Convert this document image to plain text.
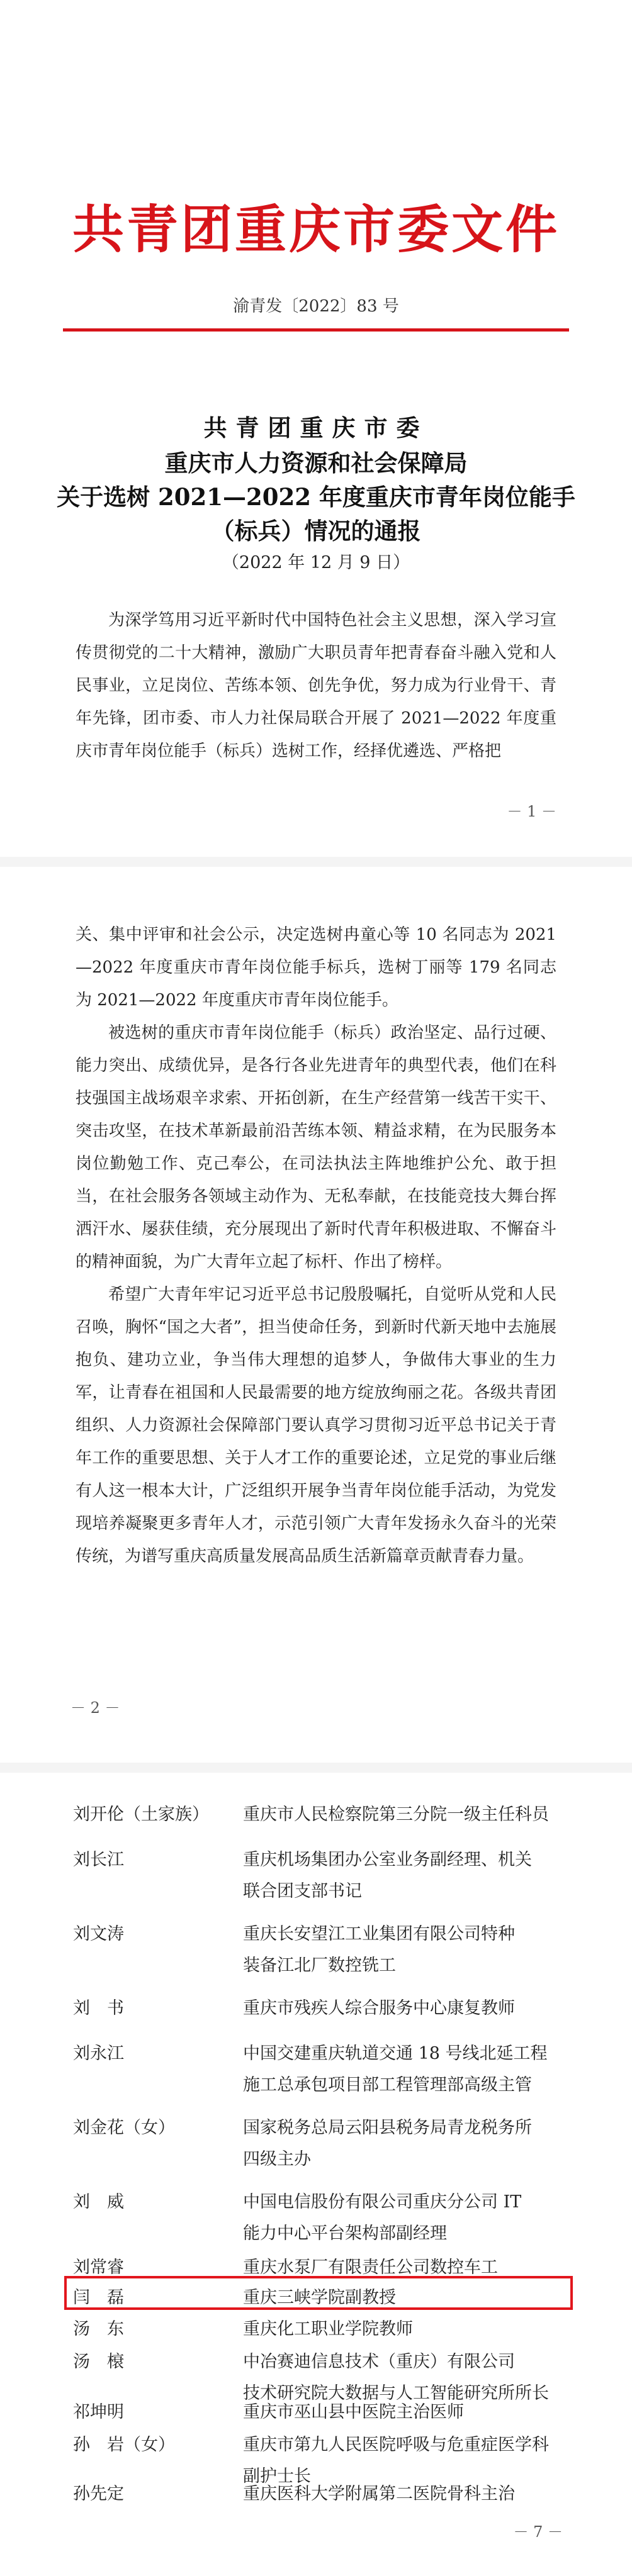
共青团重庆市委文件
渝青发〔2022〕83 号
共青团重庆市委
重庆市人力资源和社会保障局
关于选树 2021—2022 年度重庆市青年岗位能手
（标兵）情况的通报
（2022 年 12 月 9 日）

为深学笃用习近平新时代中国特色社会主义思想，深入学习宣传贯彻党的二十大精神，激励广大职员青年把青春奋斗融入党和人民事业，立足岗位、苦练本领、创先争优，努力成为行业骨干、青年先锋，团市委、市人力社保局联合开展了 2021—2022 年度重庆市青年岗位能手（标兵）选树工作，经择优遴选、严格把

－ 1 －

关、集中评审和社会公示，决定选树冉童心等 10 名同志为 2021—2022 年度重庆市青年岗位能手标兵，选树丁丽等 179 名同志为 2021—2022 年度重庆市青年岗位能手。

被选树的重庆市青年岗位能手（标兵）政治坚定、品行过硬、能力突出、成绩优异，是各行各业先进青年的典型代表，他们在科技强国主战场艰辛求索、开拓创新，在生产经营第一线苦干实干、突击攻坚，在技术革新最前沿苦练本领、精益求精，在为民服务本岗位勤勉工作、克己奉公，在司法执法主阵地维护公允、敢于担当，在社会服务各领域主动作为、无私奉献，在技能竞技大舞台挥洒汗水、屡获佳绩，充分展现出了新时代青年积极进取、不懈奋斗的精神面貌，为广大青年立起了标杆、作出了榜样。

希望广大青年牢记习近平总书记殷殷嘱托，自觉听从党和人民召唤，胸怀“国之大者”，担当使命任务，到新时代新天地中去施展抱负、建功立业，争当伟大理想的追梦人，争做伟大事业的生力军，让青春在祖国和人民最需要的地方绽放绚丽之花。各级共青团组织、人力资源社会保障部门要认真学习贯彻习近平总书记关于青年工作的重要思想、关于人才工作的重要论述，立足党的事业后继有人这一根本大计，广泛组织开展争当青年岗位能手活动，为党发现培养凝聚更多青年人才，示范引领广大青年发扬永久奋斗的光荣传统，为谱写重庆高质量发展高品质生活新篇章贡献青春力量。

－ 2 －
刘开伦（土家族）	重庆市人民检察院第三分院一级主任科员
刘长江	重庆机场集团办公室业务副经理、机关
联合团支部书记
刘文涛	重庆长安望江工业集团有限公司特种
装备江北厂数控铣工
刘　书	重庆市残疾人综合服务中心康复教师
刘永江	中国交建重庆轨道交通 18 号线北延工程
施工总承包项目部工程管理部高级主管
刘金花（女）	国家税务总局云阳县税务局青龙税务所
四级主办
刘　威	中国电信股份有限公司重庆分公司 IT
能力中心平台架构部副经理
刘常睿	重庆水泵厂有限责任公司数控车工
闫　磊	重庆三峡学院副教授
汤　东	重庆化工职业学院教师
汤　榱	中冶赛迪信息技术（重庆）有限公司
技术研究院大数据与人工智能研究所所长
祁坤明	重庆市巫山县中医院主治医师
孙　岩（女）	重庆市第九人民医院呼吸与危重症医学科
副护士长
孙先定	重庆医科大学附属第二医院骨科主治
－ 7 －
